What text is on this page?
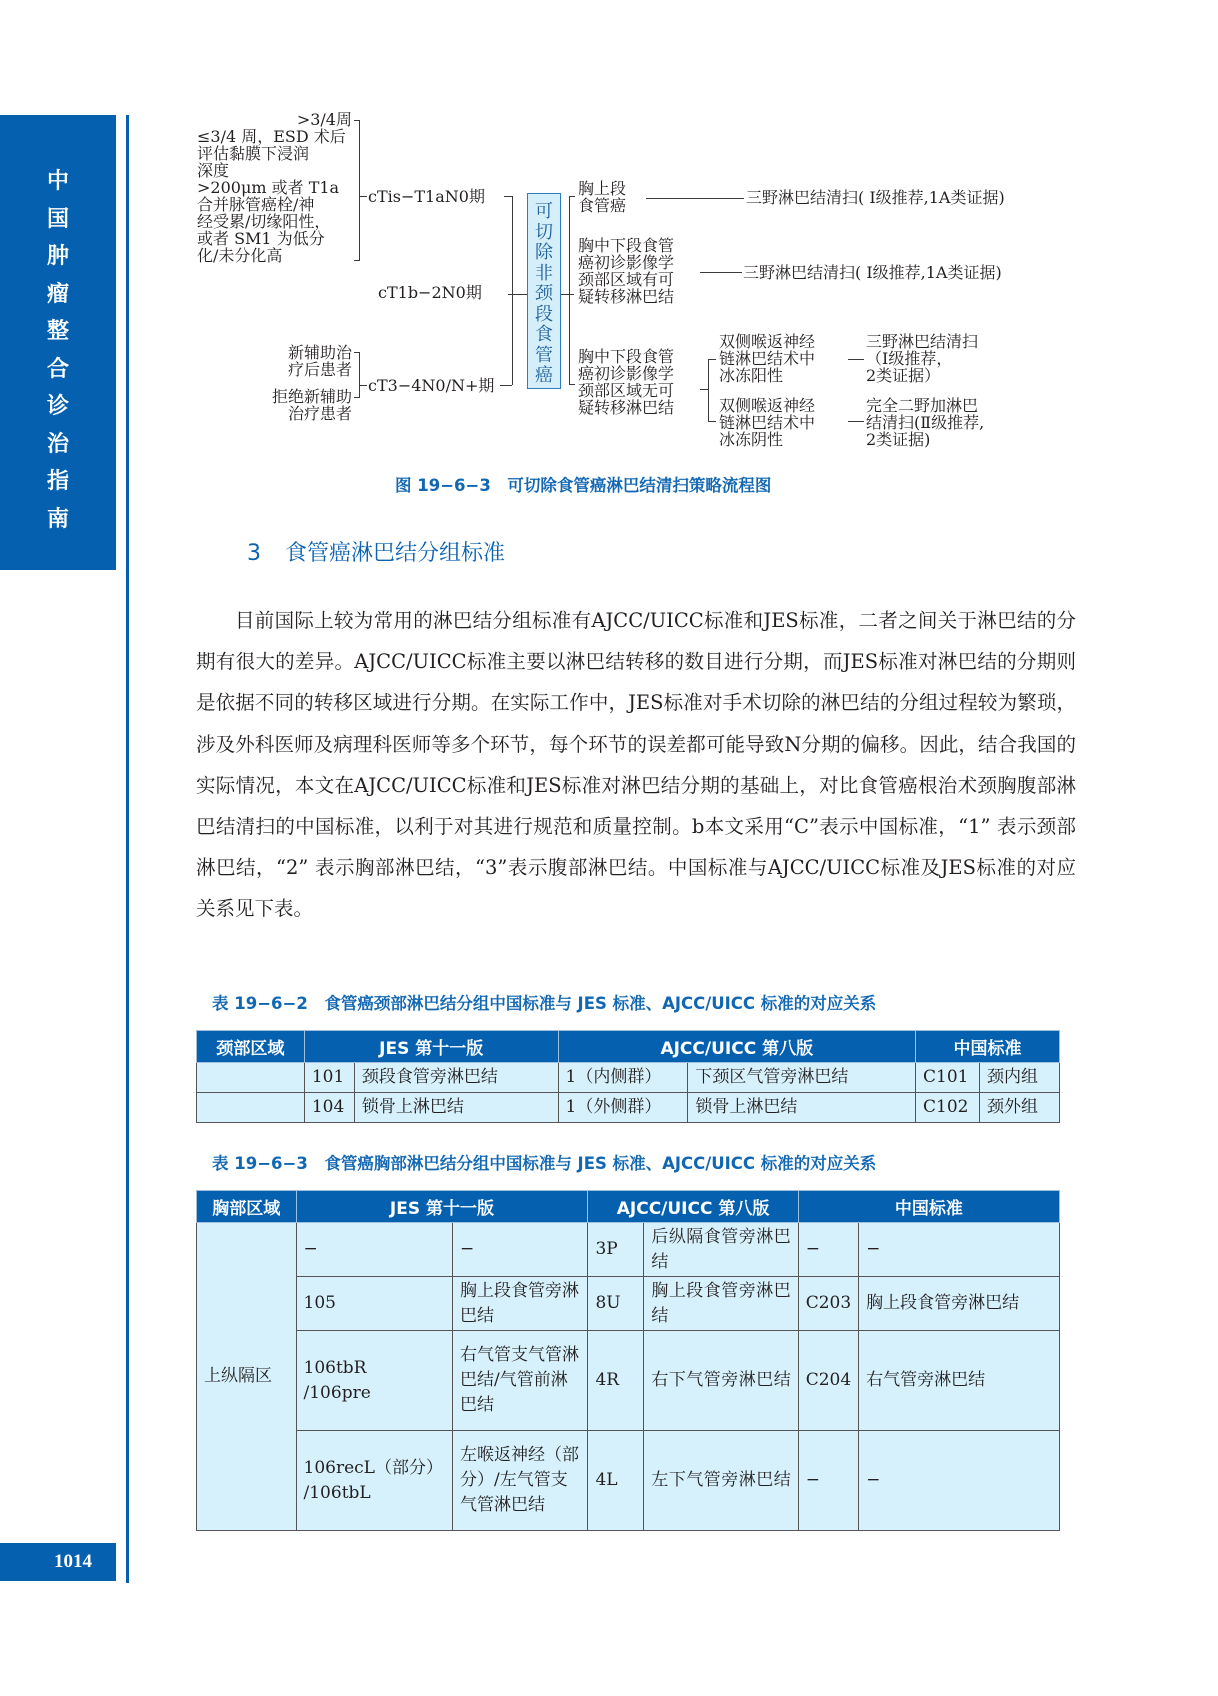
中
国
肿
瘤
整
合
诊
治
指
南
1014
>3/4周
≤3/4 周，ESD 术后
评估黏膜下浸润
深度
>200μm 或者 T1a
合并脉管癌栓/神
经受累/切缘阳性，
或者 SM1 为低分
化/未分化高
新辅助治
疗后患者
拒绝新辅助
治疗患者
cTis−T1aN0期
cT1b−2N0期
cT3−4N0/N+期
可
切
除
非
颈
段
食
管
癌
胸上段
食管癌
胸中下段食管
癌初诊影像学
颈部区域有可
疑转移淋巴结
胸中下段食管
癌初诊影像学
颈部区域无可
疑转移淋巴结
三野淋巴结清扫( Ⅰ级推荐,1A类证据)
三野淋巴结清扫( Ⅰ级推荐,1A类证据)
双侧喉返神经
链淋巴结术中
冰冻阳性
双侧喉返神经
链淋巴结术中
冰冻阴性
三野淋巴结清扫
（Ⅰ级推荐，
2类证据）
完全二野加淋巴
结清扫(Ⅱ级推荐,
2类证据)
图 19−6−3　可切除食管癌淋巴结清扫策略流程图
3 食管癌淋巴结分组标准
目前国际上较为常用的淋巴结分组标准有AJCC/UICC标准和JES标准，二者之间关于淋巴结的分期有很大的差异。AJCC/UICC标准主要以淋巴结转移的数目进行分期，而JES标准对淋巴结的分期则是依据不同的转移区域进行分期。在实际工作中，JES标准对手术切除的淋巴结的分组过程较为繁琐，涉及外科医师及病理科医师等多个环节，每个环节的误差都可能导致N分期的偏移。因此，结合我国的实际情况，本文在AJCC/UICC标准和JES标准对淋巴结分期的基础上，对比食管癌根治术颈胸腹部淋巴结清扫的中国标准，以利于对其进行规范和质量控制。b本文采用“C”表示中国标准，“1” 表示颈部淋巴结，“2” 表示胸部淋巴结，“3”表示腹部淋巴结。中国标准与AJCC/UICC标准及JES标准的对应关系见下表。
表 19−6−2　食管癌颈部淋巴结分组中国标准与 JES 标准、AJCC/UICC 标准的对应关系
颈部区域	JES 第十一版		AJCC/UICC 第八版		中国标准	
	101	颈段食管旁淋巴结	1（内侧群）	下颈区气管旁淋巴结	C101	颈内组
	104	锁骨上淋巴结	1（外侧群）	锁骨上淋巴结	C102	颈外组
表 19−6−3　食管癌胸部淋巴结分组中国标准与 JES 标准、AJCC/UICC 标准的对应关系
胸部区域	JES 第十一版		AJCC/UICC 第八版		中国标准	
上纵隔区	−	−	3P	后纵隔食管旁淋巴结	−	−
	105	胸上段食管旁淋巴结	8U	胸上段食管旁淋巴结	C203	胸上段食管旁淋巴结
	106tbR
/106pre	右气管支气管淋巴结/气管前淋巴结	4R	右下气管旁淋巴结	C204	右气管旁淋巴结
	106recL（部分）
/106tbL	左喉返神经（部分）/左气管支气管淋巴结	4L	左下气管旁淋巴结	−	−
